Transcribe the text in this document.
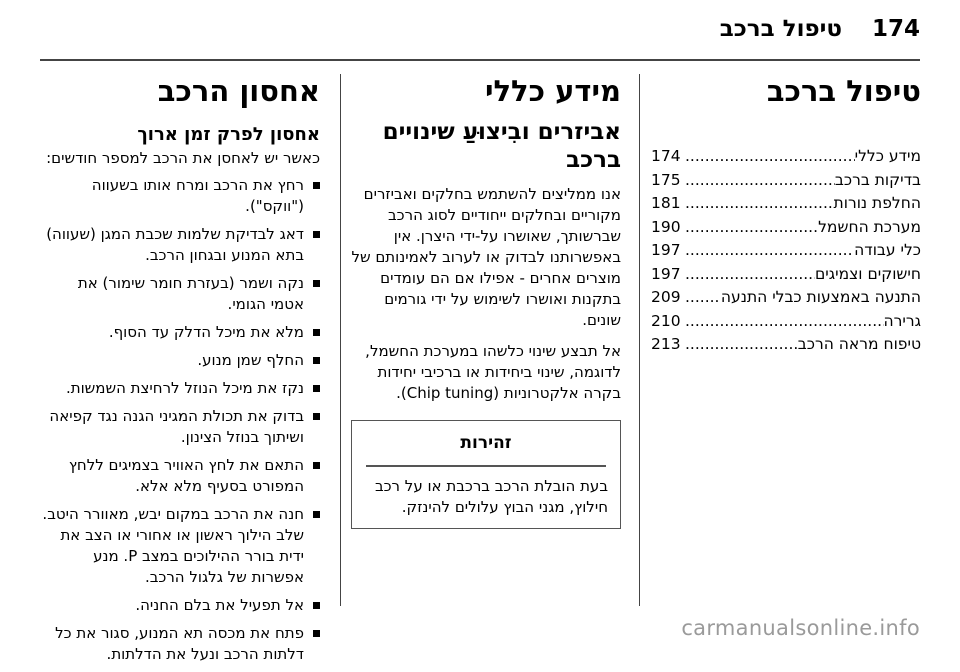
174
טיפול ברכב
טיפול ברכב
מידע כללי
.....
174
בדיקות ברכב
.....
175
החלפת נורות
.....
181
מערכת החשמל
.....
190
כלי עבודה
.....
197
חישוקים וצמיגים
.....
197
התנעה באמצעות כבלי התנעה
.....
209
גרירה
.....
210
טיפוח מראה הרכב
.....
213
מידע כללי
אביזרים ובִיצוּעַ שינויים ברכב

אנו ממליצים להשתמש בחלקים ואביזרים מקוריים ובחלקים ייחודיים לסוג הרכב שברשותך, שאושרו על-ידי היצרן. אין באפשרותנו לבדוק או לערוב לאמינותם של מוצרים אחרים - אפילו אם הם עומדים בתקנות ואושרו לשימוש על ידי גורמים שונים.

אל תבצע שינוי כלשהו במערכת החשמל, לדוגמה, שינוי ביחידות או ברכיבי יחידות בקרה אלקטרוניות (Chip tuning).

זהירות
בעת הובלת הרכב ברכבת או על רכב חילוץ, מגני הבוץ עלולים להינזק.
אחסון הרכב
אחסון לפרק זמן ארוך

כאשר יש לאחסן את הרכב למספר חודשים:

רחץ את הרכב ומרח אותו בשעווה ("ווקס").
דאג לבדיקת שלמות שכבת המגן (שעווה) בתא המנוע ובגחון הרכב.
נקה ושמר (בעזרת חומר שימור) את אטמי הגומי.
מלא את מיכל הדלק עד הסוף.
החלף שמן מנוע.
נקז את מיכל הנוזל לרחיצת השמשות.
בדוק את תכולת המגיני הגנה נגד קפיאה ושיתוך בנוזל הצינון.
התאם את לחץ האוויר בצמיגים ללחץ המפורט בסעיף מלא אלא.
חנה את הרכב במקום יבש, מאוורר היטב. שלב הילוך ראשון או אחורי או הצב את ידית בורר ההילוכים במצב P. מנע אפשרות של גלגול הרכב.
אל תפעיל את בלם החניה.
פתח את מכסה תא המנוע, סגור את כל דלתות הרכב ונעל את הדלתות.
carmanualsonline.info
